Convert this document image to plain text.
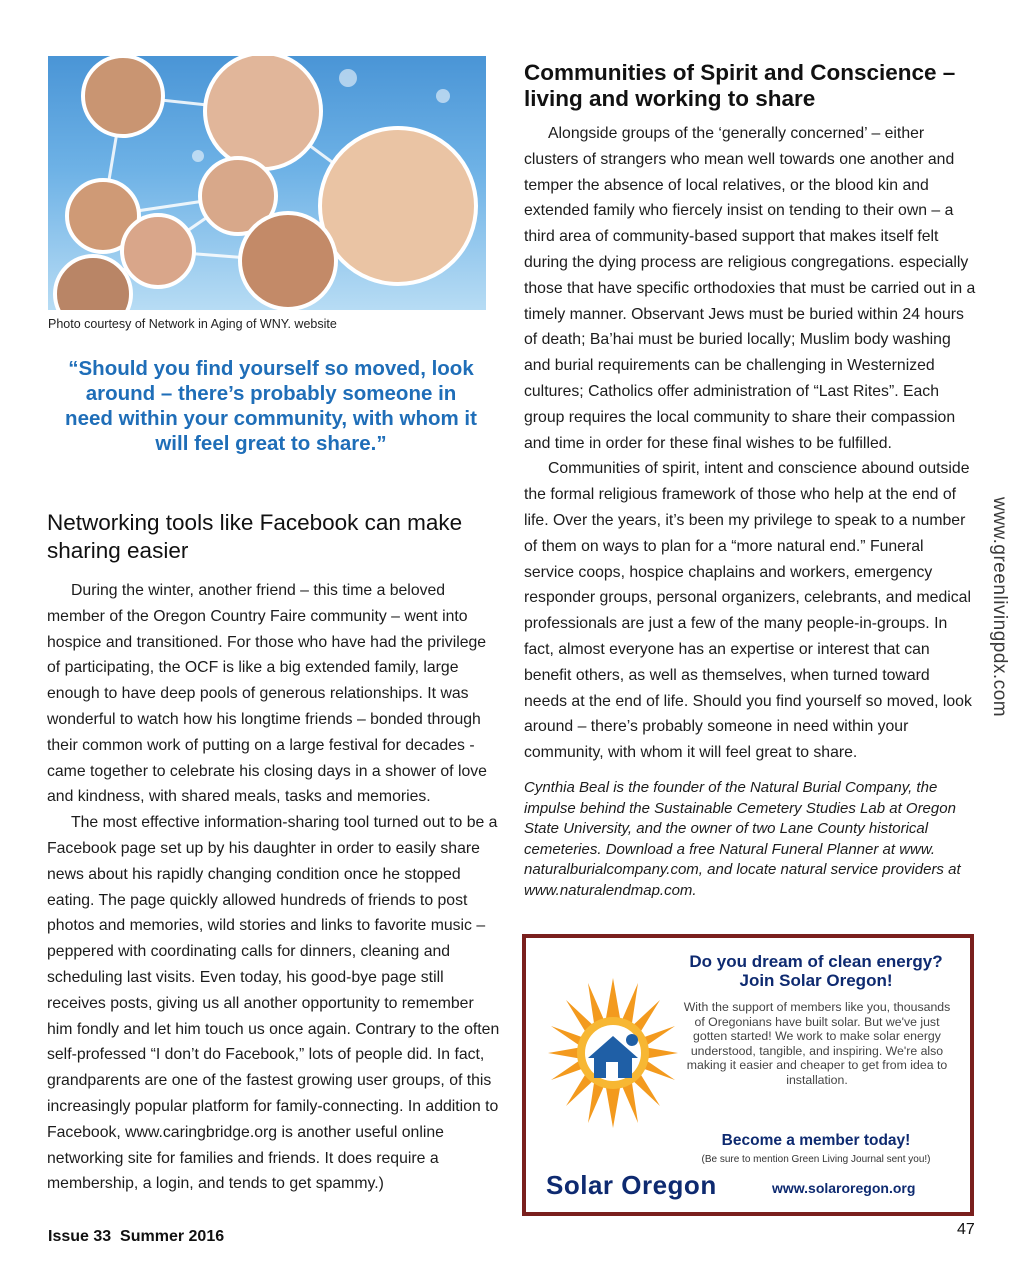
Photo courtesy of Network in Aging of WNY. website
“Should you find yourself so moved, look around – there’s probably someone in need within your community, with whom it will feel great to share.”
Networking tools like Facebook can make sharing easier

During the winter, another friend – this time a beloved member of the Oregon Country Faire community – went into hospice and transitioned. For those who have had the privilege of participating, the OCF is like a big extended family, large enough to have deep pools of generous relationships. It was wonderful to watch how his longtime friends – bonded through their common work of putting on a large festival for decades - came together to celebrate his closing days in a shower of love and kindness, with shared meals, tasks and memories.

The most effective information-sharing tool turned out to be a Facebook page set up by his daughter in order to easily share news about his rapidly changing condition once he stopped eating. The page quickly allowed hundreds of friends to post photos and memories, wild stories and links to favorite music – peppered with coordinating calls for dinners, cleaning and scheduling last visits. Even today, his good-bye page still receives posts, giving us all another opportunity to remember him fondly and let him touch us once again. Contrary to the often self-professed “I don’t do Facebook,” lots of people did. In fact, grandparents are one of the fastest growing user groups, of this increasingly popular platform for family-connecting. In addition to Facebook, www.caringbridge.org is another useful online networking site for families and friends. It does require a membership, a login, and tends to get spammy.)

Communities of Spirit and Conscience – living and working to share

Alongside groups of the ‘generally concerned’ – either clusters of strangers who mean well towards one another and temper the absence of local relatives, or the blood kin and extended family who fiercely insist on tending to their own – a third area of community-based support that makes itself felt during the dying process are religious congregations. especially those that have specific orthodoxies that must be carried out in a timely manner. Observant Jews must be buried within 24 hours of death; Ba’hai must be buried locally; Muslim body washing and burial requirements can be challenging in Westernized cultures; Catholics offer administration of “Last Rites”. Each group requires the local community to share their compassion and time in order for these final wishes to be fulfilled.

Communities of spirit, intent and conscience abound outside the formal religious framework of those who help at the end of life. Over the years, it’s been my privilege to speak to a number of them on ways to plan for a “more natural end.” Funeral service coops, hospice chaplains and workers, emergency responder groups, personal organizers, celebrants, and medical professionals are just a few of the many people-in-groups. In fact, almost everyone has an expertise or interest that can benefit others, as well as themselves, when turned toward needs at the end of life. Should you find yourself so moved, look around – there’s probably someone in need within your community, with whom it will feel great to share.

Cynthia Beal is the founder of the Natural Burial Company, the impulse behind the Sustainable Cemetery Studies Lab at Oregon State University, and the owner of two Lane County historical cemeteries. Download a free Natural Funeral Planner at www. naturalburialcompany.com, and locate natural service providers at www.naturalendmap.com.
www.greenlivingpdx.com
Do you dream of clean energy?
Join Solar Oregon!
With the support of members like you, thousands of Oregonians have built solar. But we've just gotten started! We work to make solar energy understood, tangible, and inspiring. We're also making it easier and cheaper to get from idea to installation.
Become a member today!
(Be sure to mention Green Living Journal sent you!)
Solar Oregon	www.solaroregon.org
Issue 33  Summer 2016	47
